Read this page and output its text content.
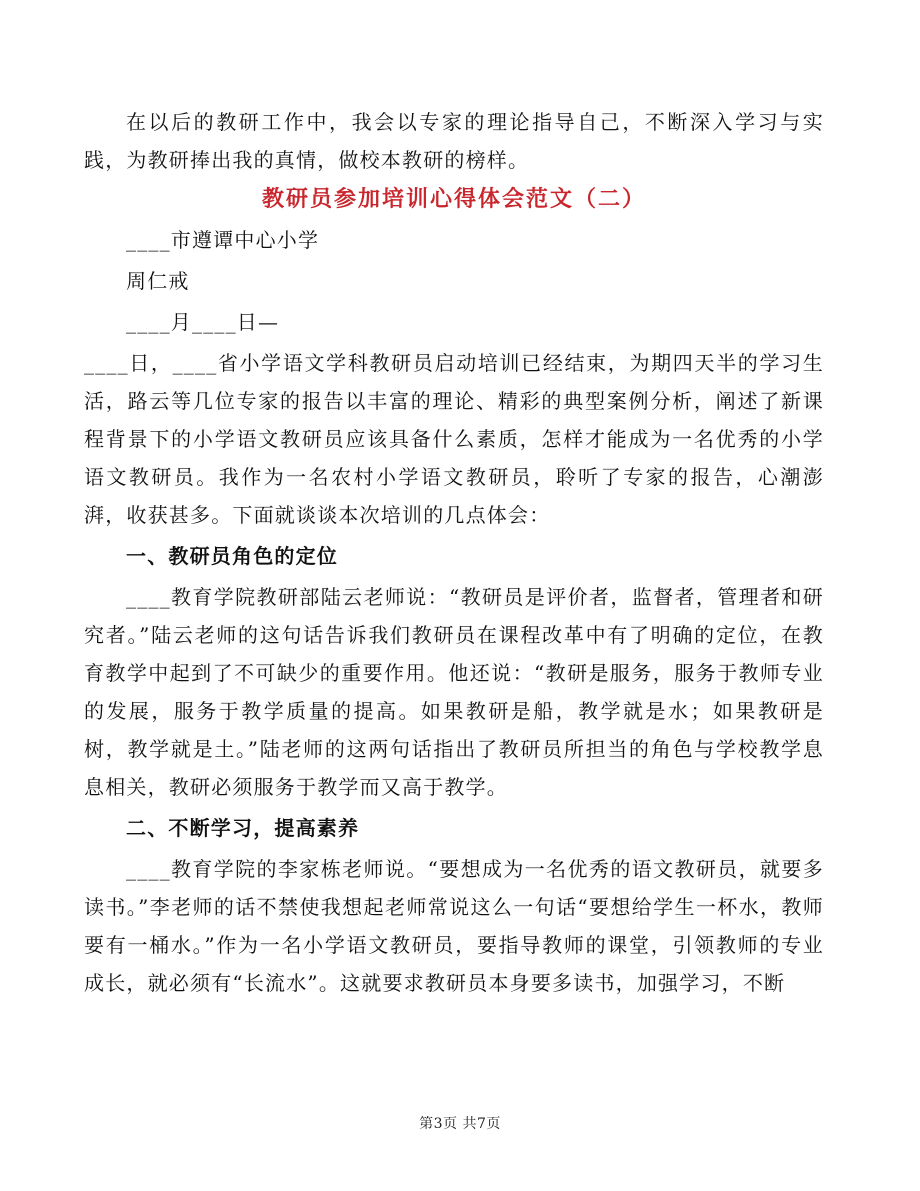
在以后的教研工作中，我会以专家的理论指导自己，不断深入学习与实践，为教研捧出我的真情，做校本教研的榜样。

教研员参加培训心得体会范文（二）

____市遵谭中心小学

周仁戒

____月____日—

____日，____省小学语文学科教研员启动培训已经结束，为期四天半的学习生活，路云等几位专家的报告以丰富的理论、精彩的典型案例分析，阐述了新课程背景下的小学语文教研员应该具备什么素质，怎样才能成为一名优秀的小学语文教研员。我作为一名农村小学语文教研员，聆听了专家的报告，心潮澎湃，收获甚多。下面就谈谈本次培训的几点体会：

一、教研员角色的定位

____教育学院教研部陆云老师说：“教研员是评价者，监督者，管理者和研究者。”陆云老师的这句话告诉我们教研员在课程改革中有了明确的定位，在教育教学中起到了不可缺少的重要作用。他还说：“教研是服务，服务于教师专业的发展，服务于教学质量的提高。如果教研是船，教学就是水；如果教研是树，教学就是土。”陆老师的这两句话指出了教研员所担当的角色与学校教学息息相关，教研必须服务于教学而又高于教学。

二、不断学习，提高素养

____教育学院的李家栋老师说。“要想成为一名优秀的语文教研员，就要多读书。”李老师的话不禁使我想起老师常说这么一句话“要想给学生一杯水，教师要有一桶水。”作为一名小学语文教研员，要指导教师的课堂，引领教师的专业成长，就必须有“长流水”。这就要求教研员本身要多读书，加强学习，不断

第3页 共7页
